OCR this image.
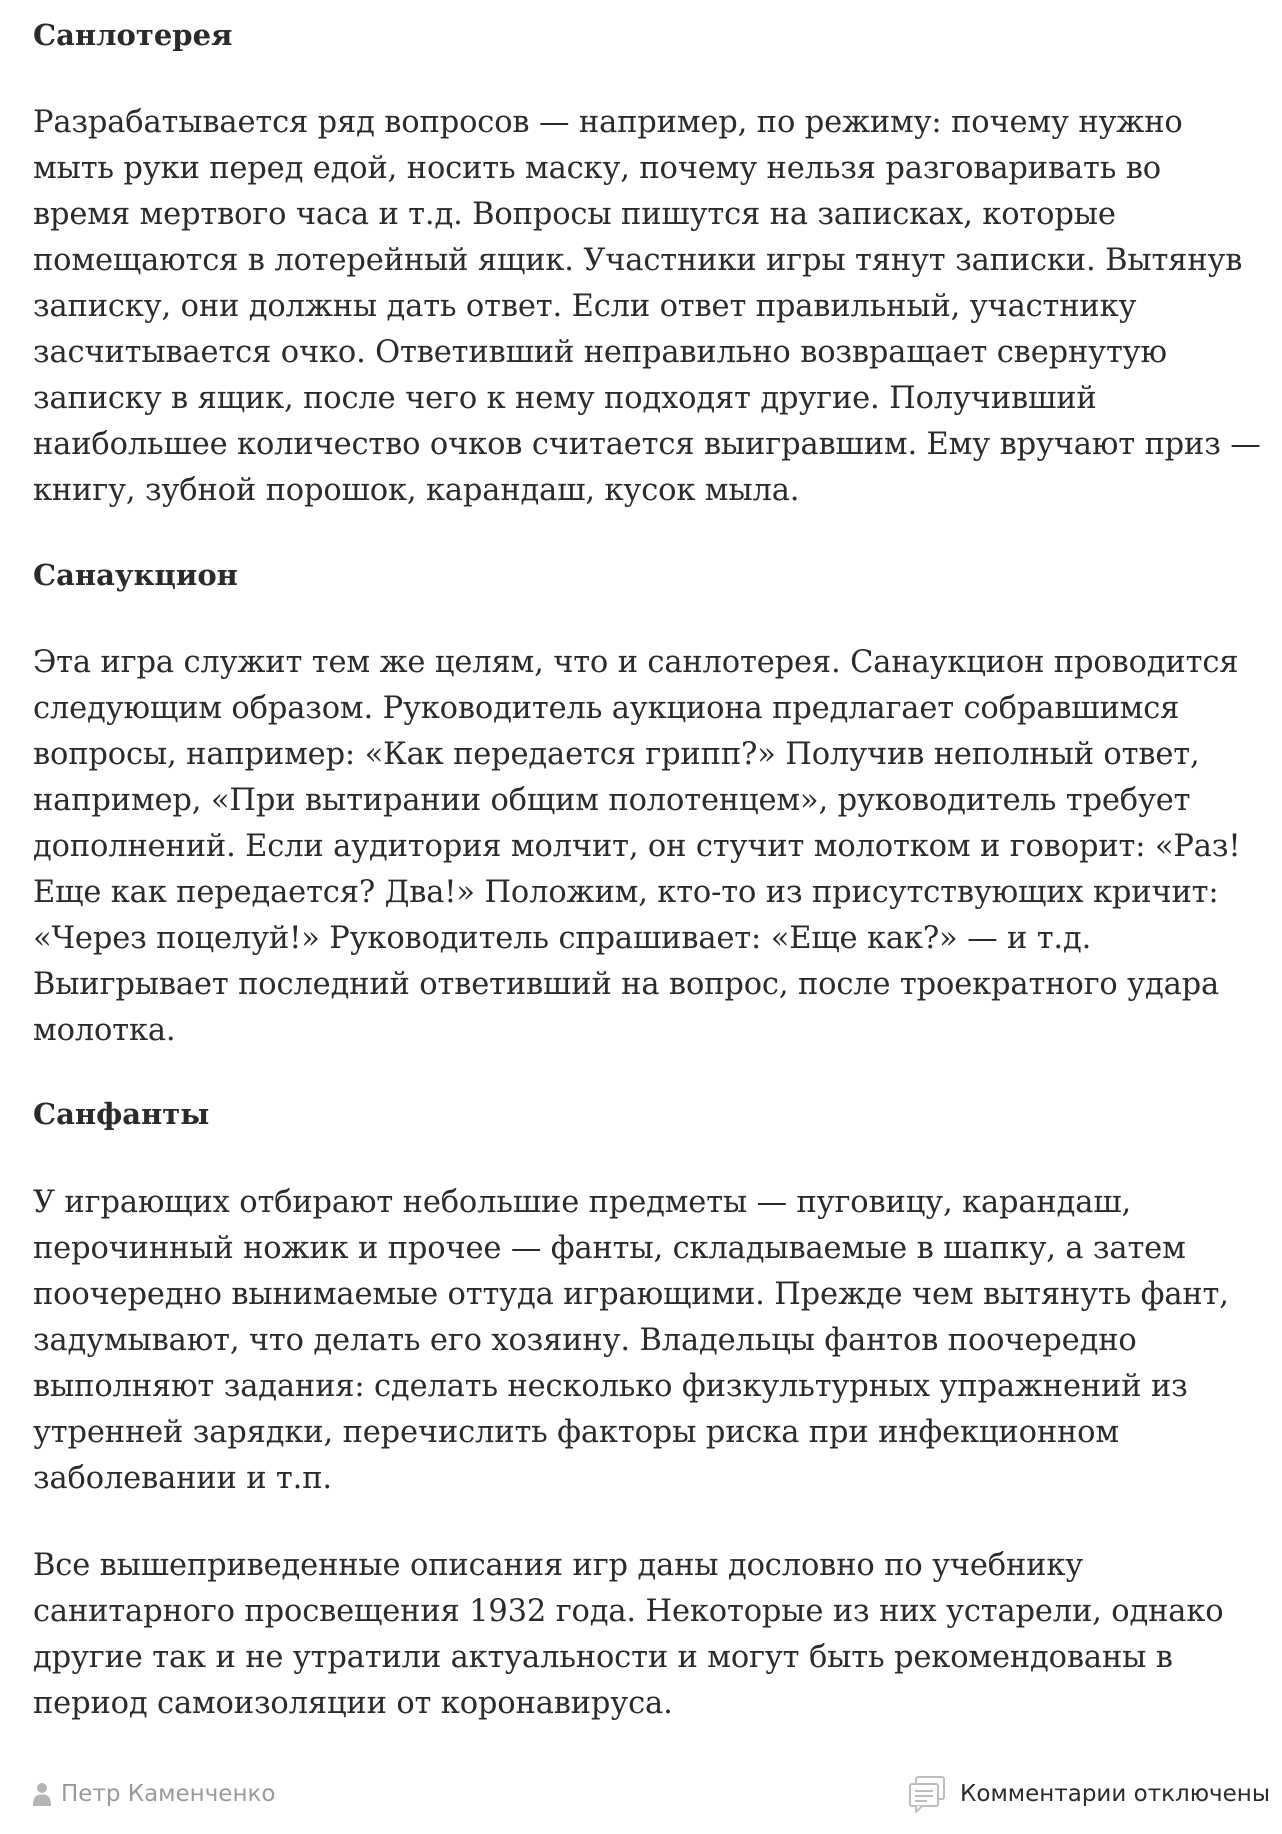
Санлотерея

Разрабатывается ряд вопросов — например, по режиму: почему нужно мыть руки перед едой, носить маску, почему нельзя разговаривать во время мертвого часа и т.д. Вопросы пишутся на записках, которые помещаются в лотерейный ящик. Участники игры тянут записки. Вытянув записку, они должны дать ответ. Если ответ правильный, участнику засчитывается очко. Ответивший неправильно возвращает свернутую записку в ящик, после чего к нему подходят другие. Получивший наибольшее количество очков считается выигравшим. Ему вручают приз — книгу, зубной порошок, карандаш, кусок мыла.

Санаукцион

Эта игра служит тем же целям, что и санлотерея. Санаукцион проводится следующим образом. Руководитель аукциона предлагает собравшимся вопросы, например: «Как передается грипп?» Получив неполный ответ, например, «При вытирании общим полотенцем», руководитель требует дополнений. Если аудитория молчит, он стучит молотком и говорит: «Раз! Еще как передается? Два!» Положим, кто-то из присутствующих кричит: «Через поцелуй!» Руководитель спрашивает: «Еще как?» — и т.д. Выигрывает последний ответивший на вопрос, после троекратного удара молотка.

Санфанты

У играющих отбирают небольшие предметы — пуговицу, карандаш, перочинный ножик и прочее — фанты, складываемые в шапку, а затем поочередно вынимаемые оттуда играющими. Прежде чем вытянуть фант, задумывают, что делать его хозяину. Владельцы фантов поочередно выполняют задания: сделать несколько физкультурных упражнений из утренней зарядки, перечислить факторы риска при инфекционном заболевании и т.п.

Все вышеприведенные описания игр даны дословно по учебнику санитарного просвещения 1932 года. Некоторые из них устарели, однако другие так и не утратили актуальности и могут быть рекомендованы в период самоизоляции от коронавируса.

Петр Каменченко	Комментарии отключены
